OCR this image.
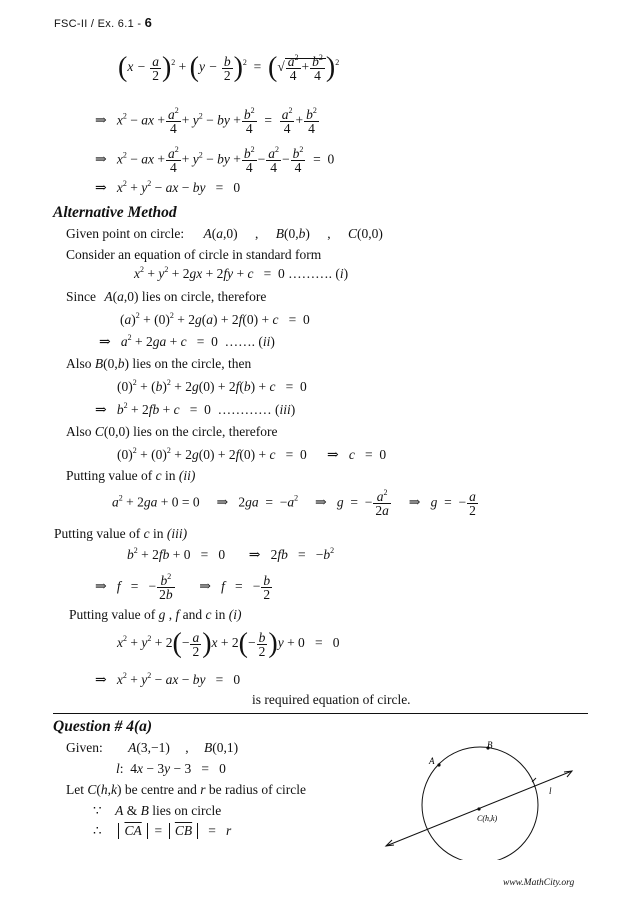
FSC-II / Ex. 6.1 - 6
$(x - \frac{a}{2} )^2 + (y - \frac{b}{2} )^2$ = (√ $\frac{a^2}{4} + \frac{b^2}{4} )^2$
⇒   $x^2$ − ax + $\frac{a^2}{4} + y^2$ − by + $\frac{b^2}{4} = \frac{a^2}{4} + \frac{b^2}{4}$
⇒   $x^2$ − ax + $\frac{a^2}{4} + y^2$ − by + $\frac{b^2}{4} - \frac{a^2}{4} - \frac{b^2}{4} = 0$
⇒   $x^2 + y^2$ − ax − by   = 0
Alternative Method
Given point on circle: A(a,0) , B(0,b) , C(0,0)
Consider an equation of circle in standard form
$x^2 + y^2 + 2gx + 2fy + c = 0$ ………. (i)
Since A(a,0) lies on circle, therefore
$(a)^2 + (0)^2 + 2g(a) + 2f(0) + c = 0$
⇒   $a^2 + 2ga + c = 0$  ……. (ii)
Also B(0,b) lies on the circle, then
$(0)^2 + (b)^2 + 2g(0) + 2f(b) + c = 0$
⇒   $b^2 + 2fb + c = 0$  ………… (iii)
Also C(0,0) lies on the circle, therefore
$(0)^2 + (0)^2 + 2g(0) + 2f(0) + c = 0$ ⇒   c   = 0
Putting value of c in (ii)
$a^2 + 2ga + 0 = 0$ ⇒ $2ga = -a^2$ ⇒   g  = − $\frac{a^2}{2a}$ ⇒   g  = − $\frac{a}{2}$
Putting value of c in (iii)
$b^2 + 2fb + 0 = 0$ ⇒ $2fb = -b^2$
⇒   f   = − $\frac{b^2}{2b}$ ⇒   f   = − $\frac{b}{2}$
Putting value of g , f and c in (i)
$x^2 + y^2 + 2(- \frac{a}{2} )x + 2(- \frac{b}{2} )y + 0 = 0$
⇒   $x^2 + y^2$ − ax − by   = 0
is required equation of circle.
Question # 4(a)
Given: A(3,−1) , B(0,1)
l: 4x − 3y − 3 = 0
Let C(h,k) be centre and r be radius of circle
∵ A & B lies on circle
∴ $\overline{CA} = \overline{CB} = r$
A
B
l
C(h,k)
www.MathCity.org
